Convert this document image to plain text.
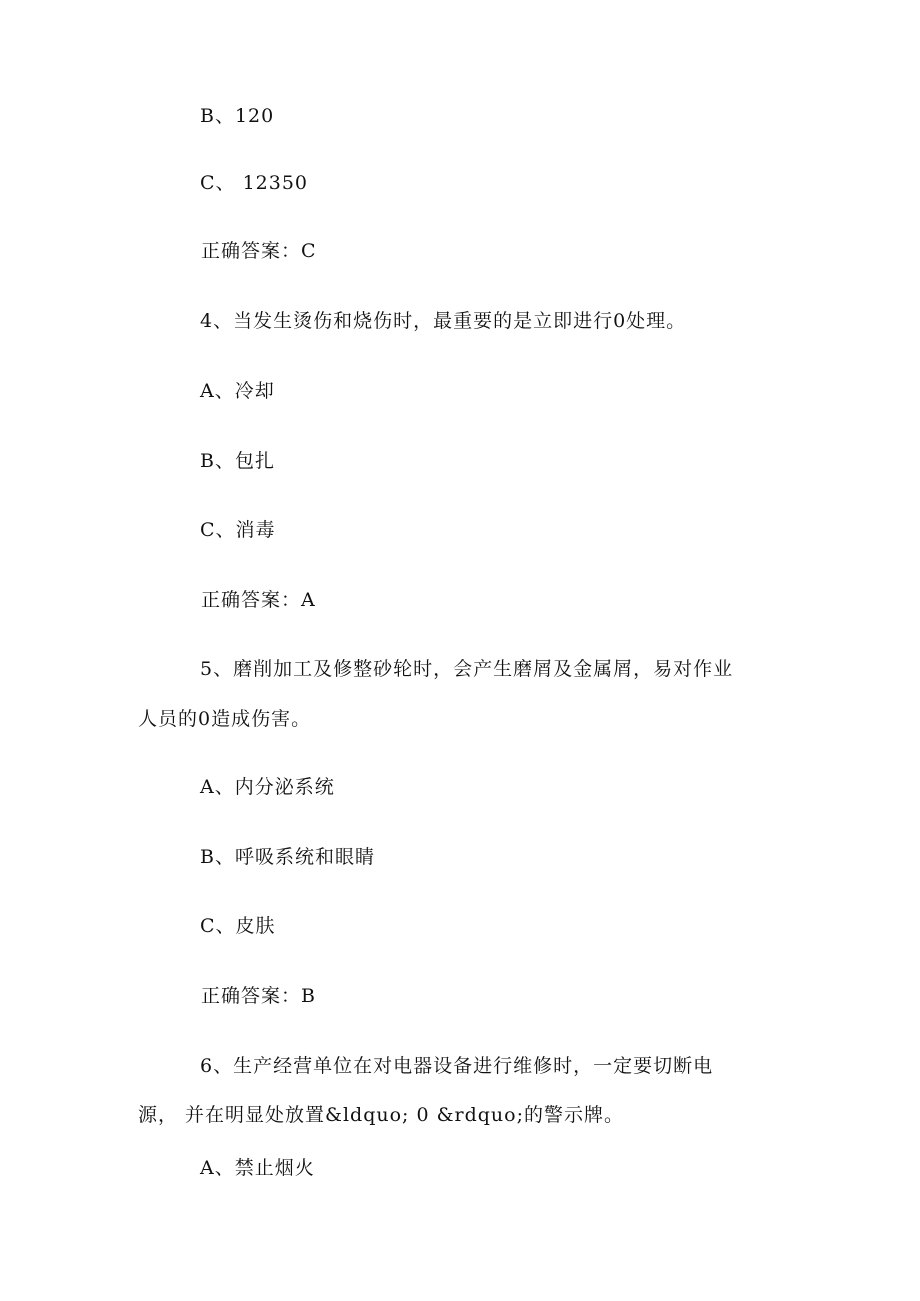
B、120
C、 12350
正确答案：C
4、当发生烫伤和烧伤时，最重要的是立即进行0处理。
A、冷却
B、包扎
C、消毒
正确答案：A
5、磨削加工及修整砂轮时，会产生磨屑及金属屑，易对作业
人员的0造成伤害。
A、内分泌系统
B、呼吸系统和眼睛
C、皮肤
正确答案：B
6、生产经营单位在对电器设备进行维修时，一定要切断电
源， 并在明显处放置&ldquo; 0 &rdquo;的警示牌。
A、禁止烟火
